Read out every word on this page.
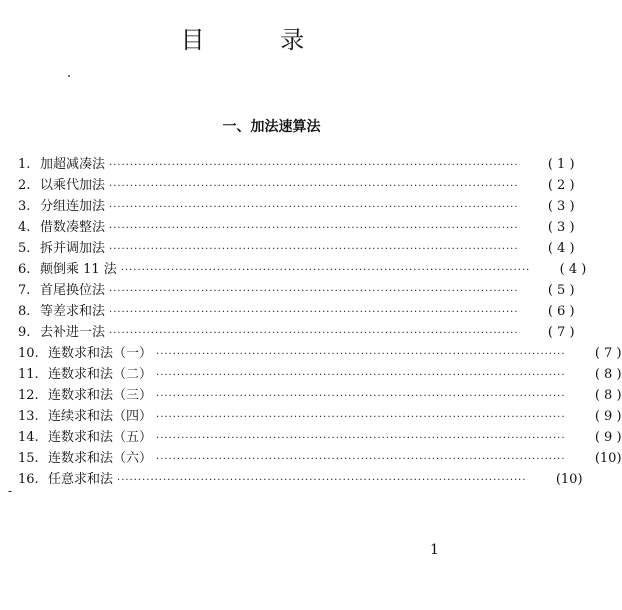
目 录
一、加法速算法
1. 加超减凑法 ··································································································	( 1 )
2. 以乘代加法 ··································································································	( 2 )
3. 分组连加法 ··································································································	( 3 )
4. 借数凑整法 ··································································································	( 3 )
5. 拆并调加法 ··································································································	( 4 )
6. 颠倒乘 11 法 ··································································································	( 4 )
7. 首尾换位法 ··································································································	( 5 )
8. 等差求和法 ··································································································	( 6 )
9. 去补进一法 ··································································································	( 7 )
10. 连数求和法（一） ··································································································	( 7 )
11. 连数求和法（二） ··································································································	( 8 )
12. 连数求和法（三） ··································································································	( 8 )
13. 连续求和法（四） ··································································································	( 9 )
14. 连数求和法（五） ··································································································	( 9 )
15. 连数求和法（六） ··································································································	(10)
16. 任意求和法 ··································································································	(10)
-
1
